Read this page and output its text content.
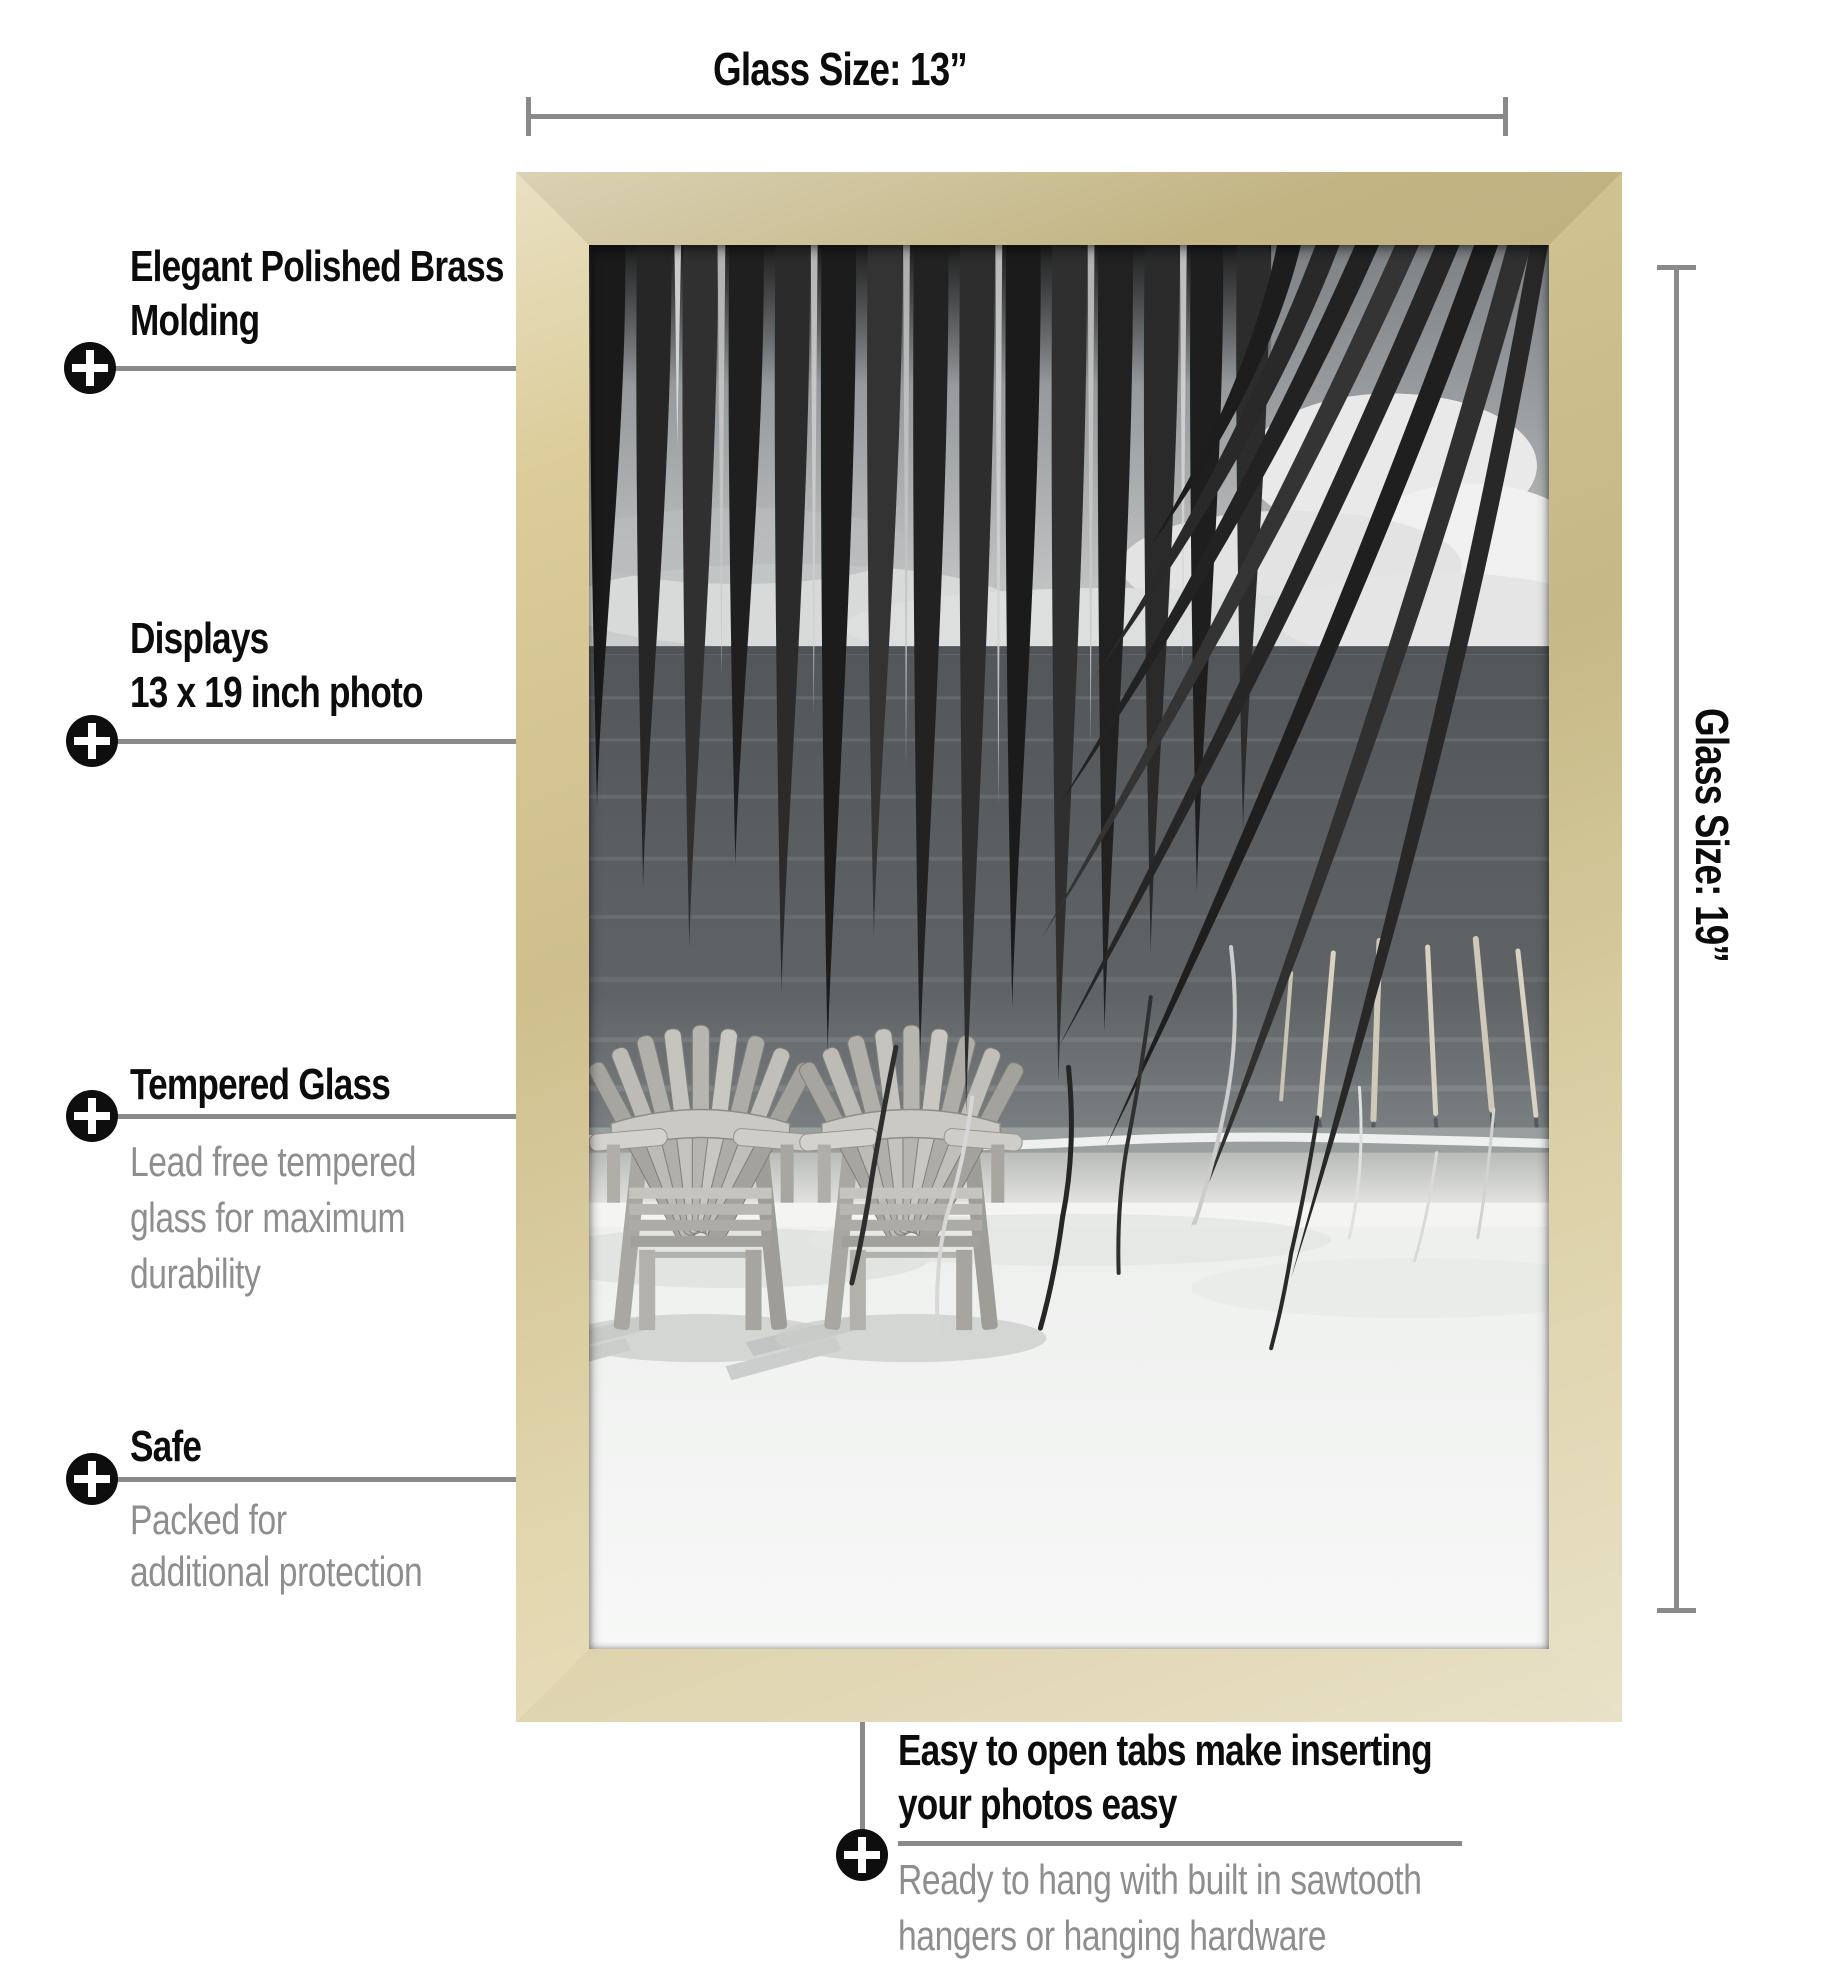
Glass Size: 13”
Glass Size: 19”
Elegant Polished Brass
Molding
Displays
13 x 19 inch photo
Tempered Glass
Lead free tempered
glass for maximum
durability
Safe
Packed for
additional protection
Easy to open tabs make inserting
your photos easy
Ready to hang with built in sawtooth
hangers or hanging hardware
